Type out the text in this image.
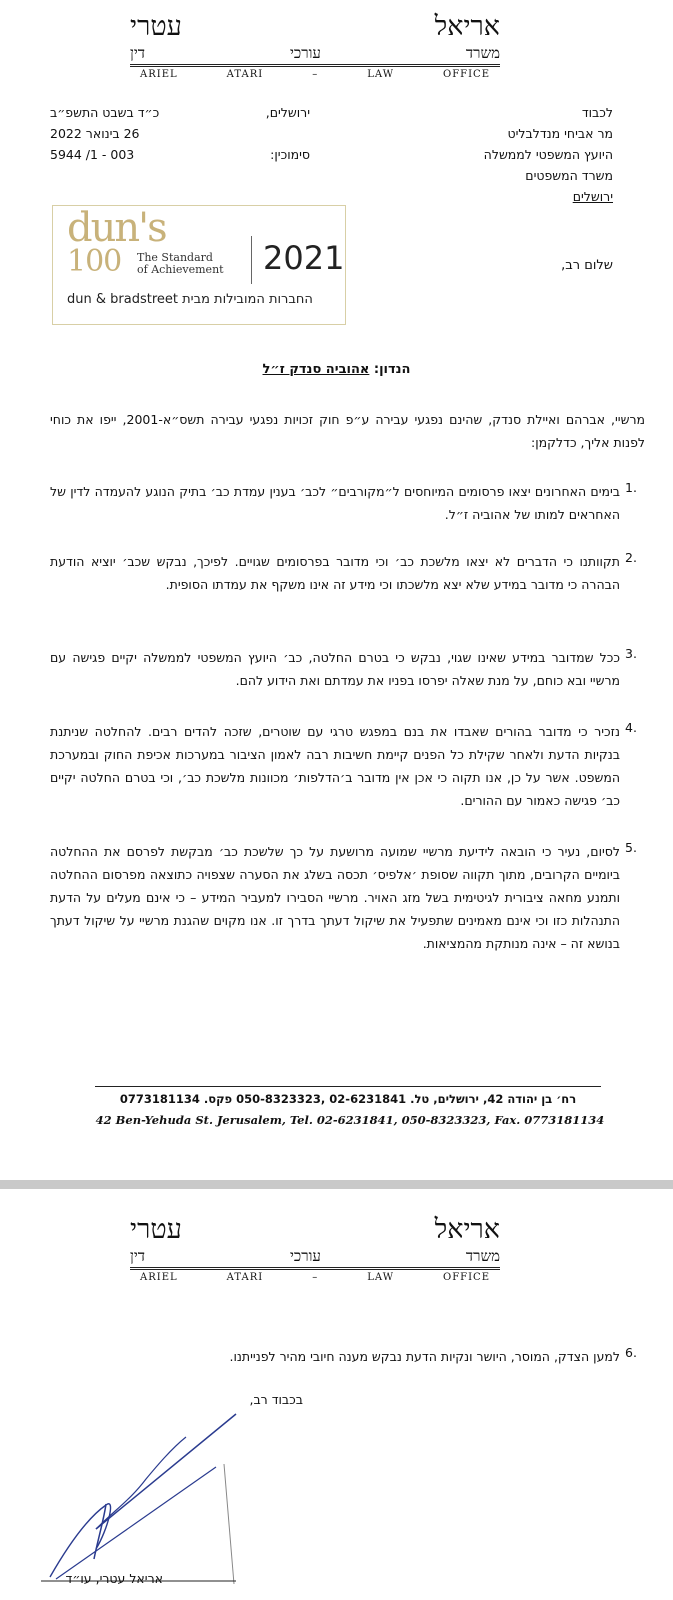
אריאל עטרי
משרד עורכי דין
ARIEL ATARI – LAW OFFICE
לכבוד
מר אביחי מנדלבליט
היועץ המשפטי לממשלה
משרד המשפטים
ירושלים
ירושלים,
כ״ד בשבט התשפ״ב
26 בינואר 2022
סימוכין:
5944 /1 - 003
dun's
100 The Standard
of Achievement 2021
dun & bradstreet החברות המובילות מבית
שלום רב,
הנדון: אהוביה סנדק ז״ל
מרשיי, אברהם ואיילת סנדק, שהינם נפגעי עבירה ע״פ חוק זכויות נפגעי עבירה תשס״א-2001, ייפו את כוחי לפנות אליך, כדלקמן:
1.
בימים האחרונים יצאו פרסומים המיוחסים ל״מקורבים״ לכב׳ בענין עמדת כב׳ בתיק הנוגע להעמדה לדין של האחראים למותו של אהוביה ז״ל.
2.
תקוותנו כי הדברים לא יצאו מלשכת כב׳ וכי מדובר בפרסומים שגויים. לפיכך, נבקש שכב׳ יוציא הודעת הבהרה כי מדובר במידע שלא יצא מלשכתו וכי מידע זה אינו משקף את עמדתו הסופית.
3.
ככל שמדובר במידע שאינו שגוי, נבקש כי בטרם החלטה, כב׳ היועץ המשפטי לממשלה יקיים פגישה עם מרשיי ובא כוחם, על מנת שאלה יפרסו בפניו את עמדתם ואת הידוע להם.
4.
נזכיר כי מדובר בהורים שאבדו את בנם במפגש טרגי עם שוטרים, שזכה להדים רבים. להחלטה שניתנת בנקיות הדעת ולאחר שקילת כל הפנים קיימת חשיבות רבה לאמון הציבור במערכות אכיפת החוק ובמערכת המשפט. אשר על כן, אנו תקוה כי אכן אין מדובר ב׳הדלפות׳ מכוונות מלשכת כב׳, וכי בטרם החלטה יקיים כב׳ פגישה כאמור עם ההורים.
5.
לסיום, נעיר כי הובאה לידיעת מרשיי שמועה מרושעת על כך שלשכת כב׳ מבקשת לפרסם את ההחלטה ביומיים הקרובים, מתוך תקווה שסופת ׳אלפיס׳ תכסה בשלג את הסערה שצפויה כתוצאה מפרסום ההחלטה ותמנע מחאה ציבורית לגיטימית בשל מזג האויר. מרשיי הסבירו למעביר המידע – כי אינם מעלים על הדעת התנהלות כזו וכי אינם מאמינים שתפעיל את שיקול דעתך בדרך זו. אנו מקוים שהגנת מרשיי על שיקול דעתך בנושא זה – אינה מנותקת מהמציאות.
רח׳ בן יהודה 42, ירושלים, טל. 02-6231841 ,050-8323323 פקס. 0773181134
42 Ben-Yehuda St. Jerusalem, Tel. 02-6231841, 050-8323323, Fax. 0773181134
אריאל עטרי
משרד עורכי דין
ARIEL ATARI – LAW OFFICE
6.
למען הצדק, המוסר, היושר ונקיות הדעת נבקש מענה חיובי מהיר לפנייתנו.
בכבוד רב,
אריאל עטרי, עו״ד
